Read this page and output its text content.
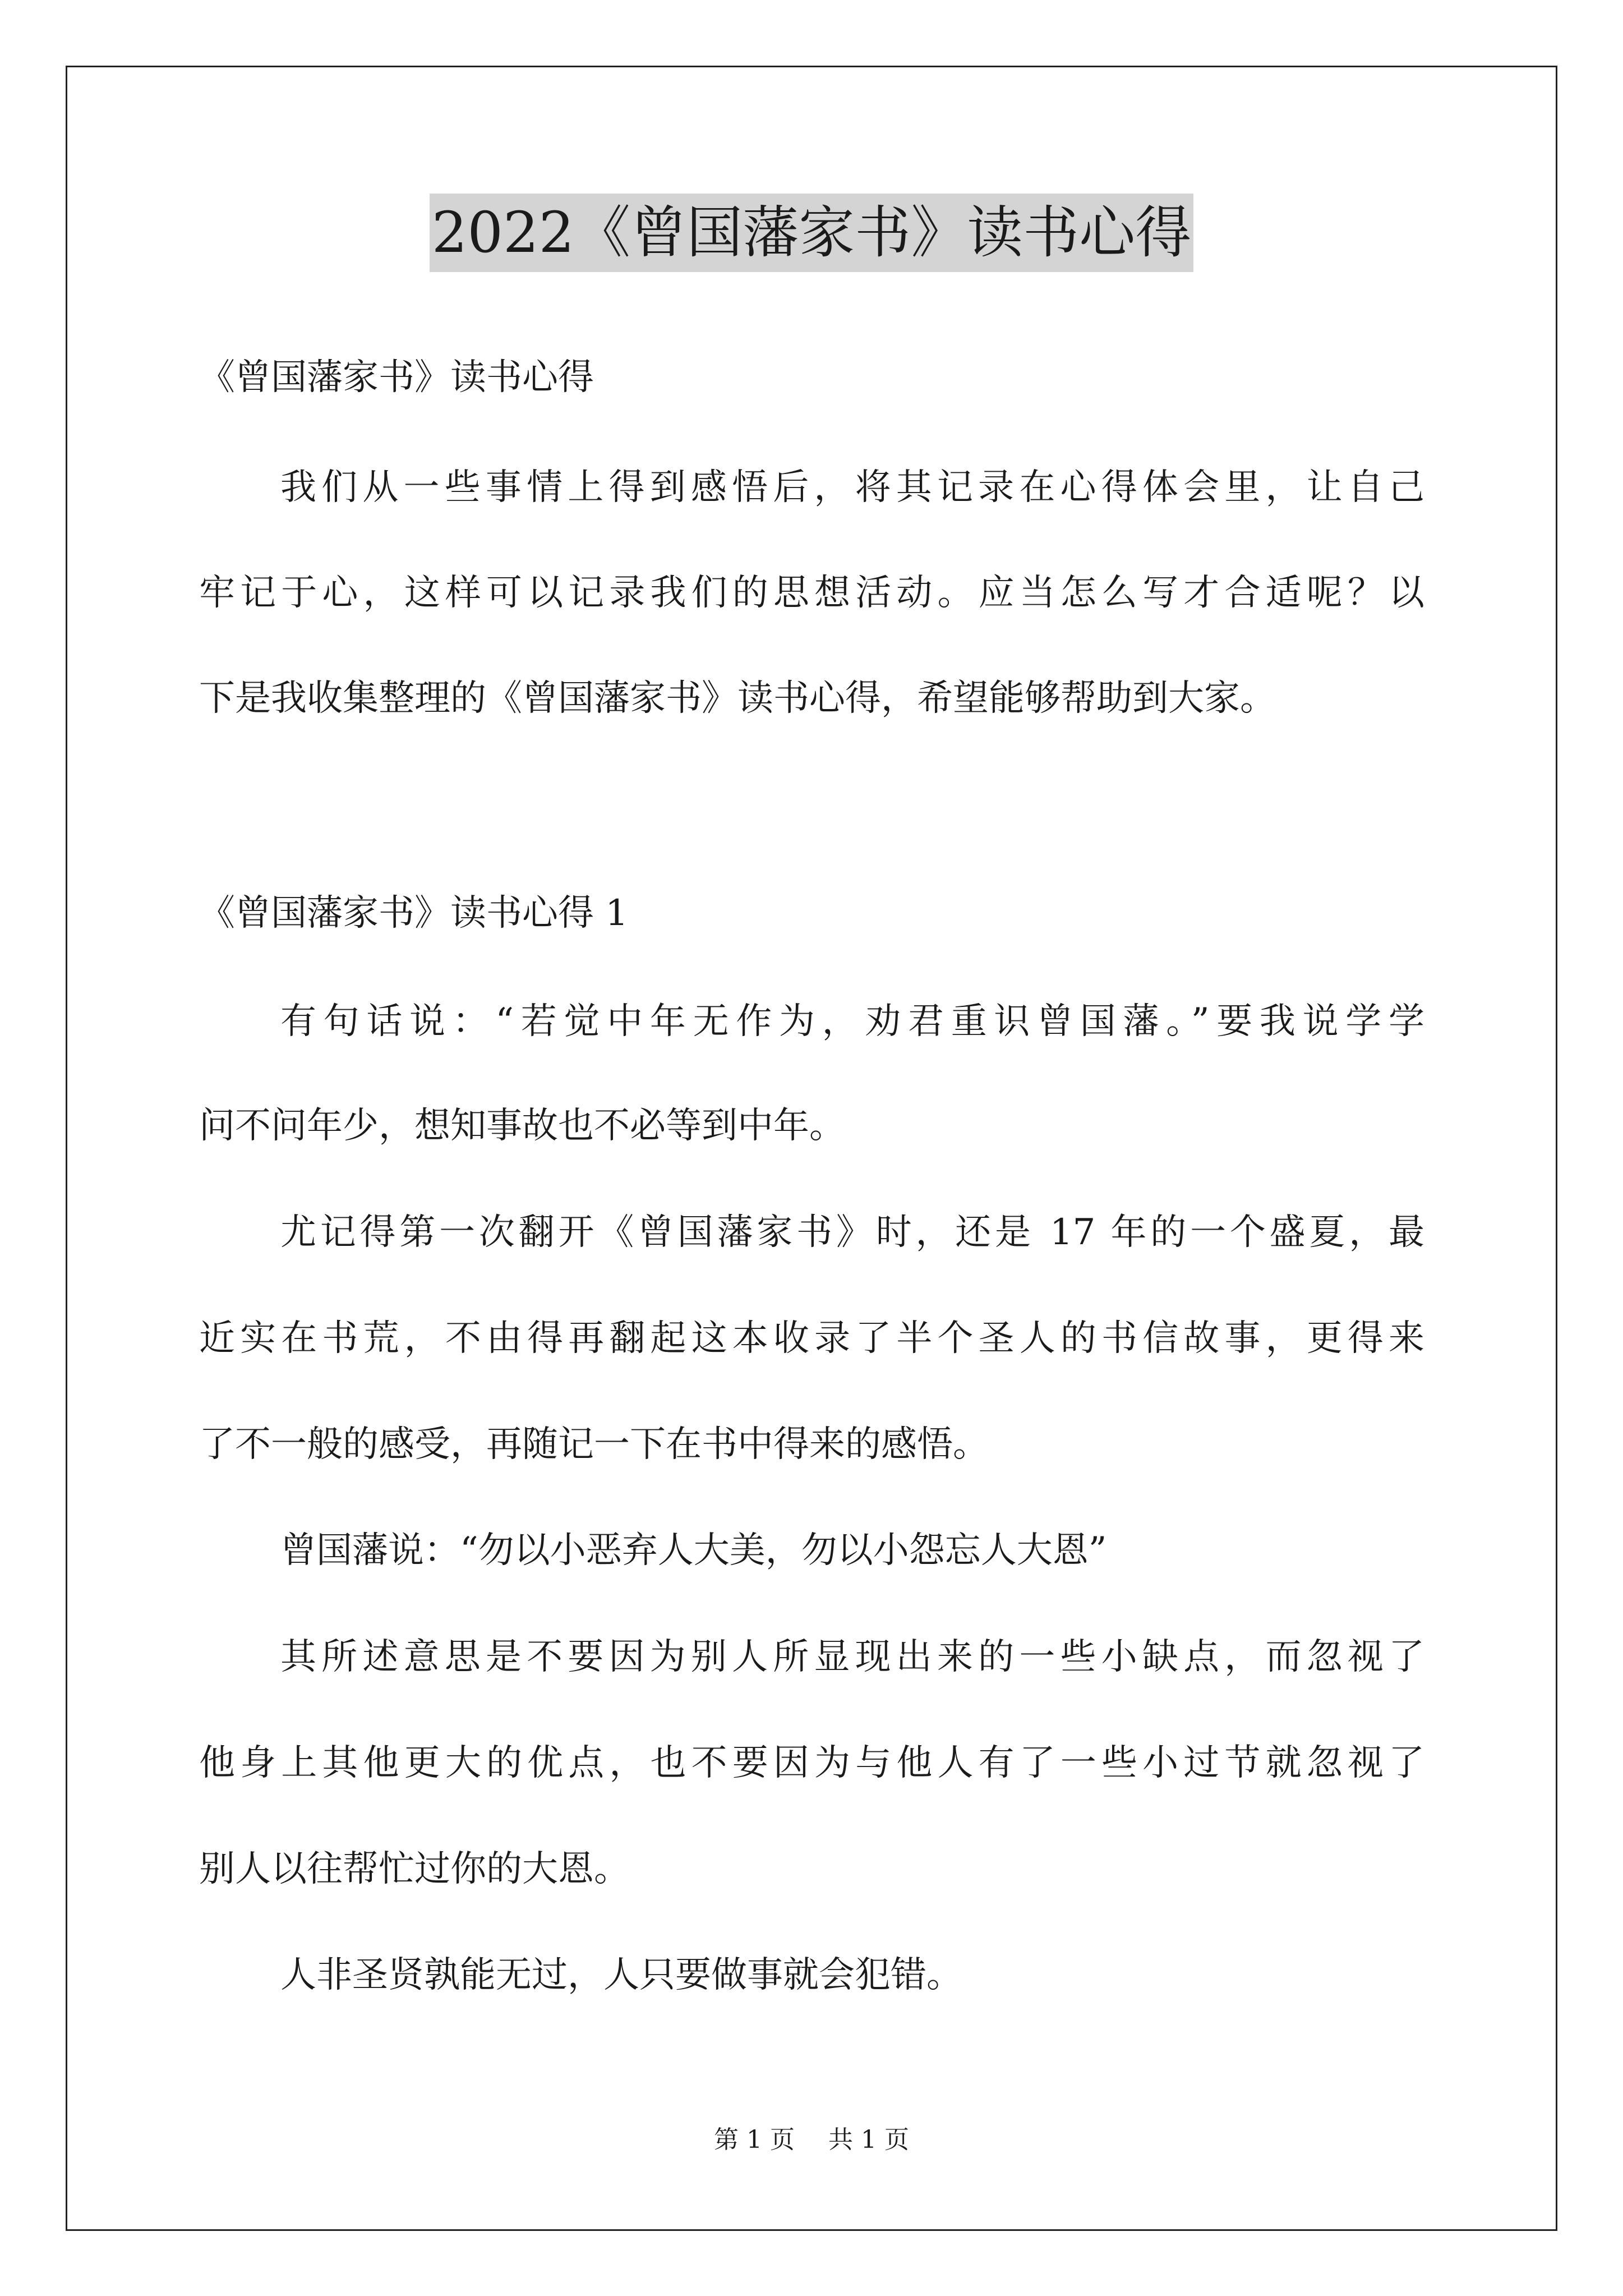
2022《曾国藩家书》读书心得
《曾国藩家书》读书心得
我们从一些事情上得到感悟后，将其记录在心得体会里，让自己
牢记于心，这样可以记录我们的思想活动。应当怎么写才合适呢？以
下是我收集整理的《曾国藩家书》读书心得，希望能够帮助到大家。
《曾国藩家书》读书心得 1
有句话说：“若觉中年无作为，劝君重识曾国藩。”要我说学学
问不问年少，想知事故也不必等到中年。
尤记得第一次翻开《曾国藩家书》时，还是 17 年的一个盛夏，最
近实在书荒，不由得再翻起这本收录了半个圣人的书信故事，更得来
了不一般的感受，再随记一下在书中得来的感悟。
曾国藩说：“勿以小恶弃人大美，勿以小怨忘人大恩”
其所述意思是不要因为别人所显现出来的一些小缺点，而忽视了
他身上其他更大的优点，也不要因为与他人有了一些小过节就忽视了
别人以往帮忙过你的大恩。
人非圣贤孰能无过，人只要做事就会犯错。
第 1 页 共 1 页
